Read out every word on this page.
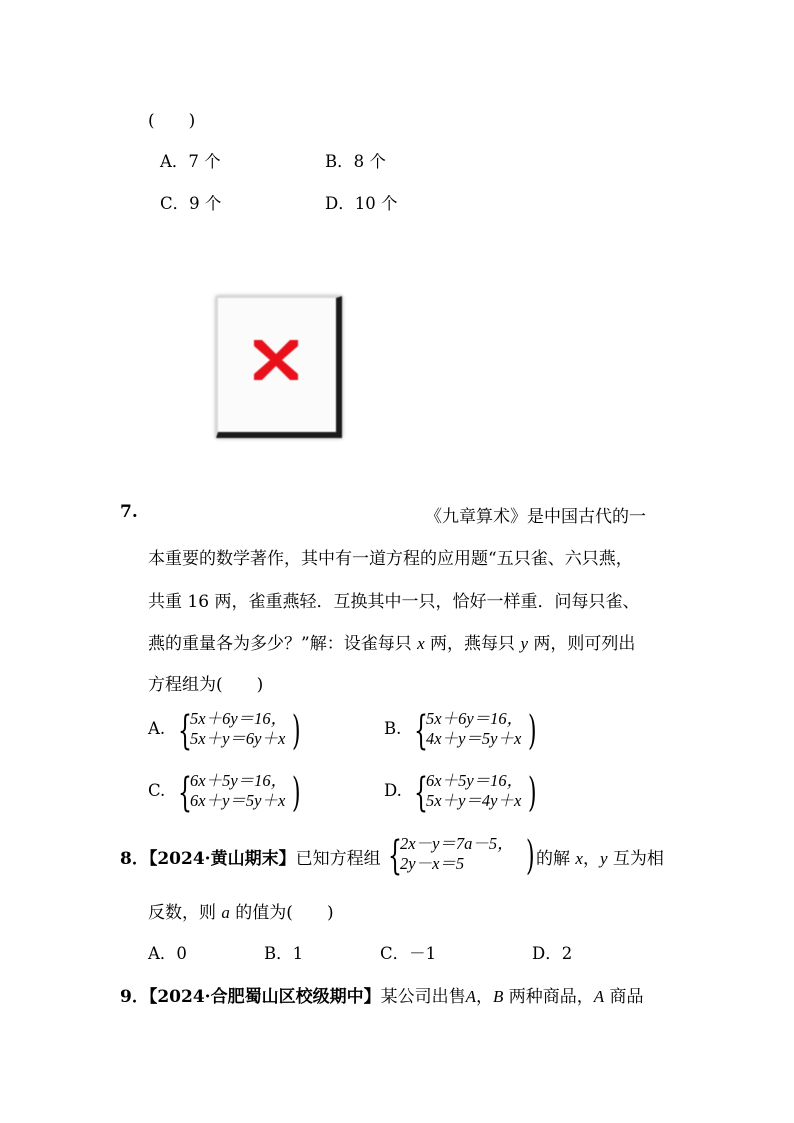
(　　)
A．7 个	B．8 个
C．9 个	D．10 个
7.	《九章算术》是中国古代的一
本重要的数学著作，其中有一道方程的应用题“五只雀、六只燕，
共重 16 两，雀重燕轻．互换其中一只，恰好一样重．问每只雀、
燕的重量各为多少？”解：设雀每只 x 两，燕每只 y 两，则可列出
方程组为(　　)
A. {
5x＋6y＝16，
5x＋y＝6y＋x )	B. {
5x＋6y＝16，
4x＋y＝5y＋x )
C. {
6x＋5y＝16，
6x＋y＝5y＋x )	D. {
6x＋5y＝16，
5x＋y＝4y＋x )
8．【2024·黄山期末】已知方程组 {
2x－y＝7a－5，
2y－x＝5 ) 的解 x，y 互为相
反数，则 a 的值为(　　)
A．0	B．1	C．－1	D．2
9．【2024·合肥蜀山区校级期中】某公司出售A，B 两种商品，A 商品
